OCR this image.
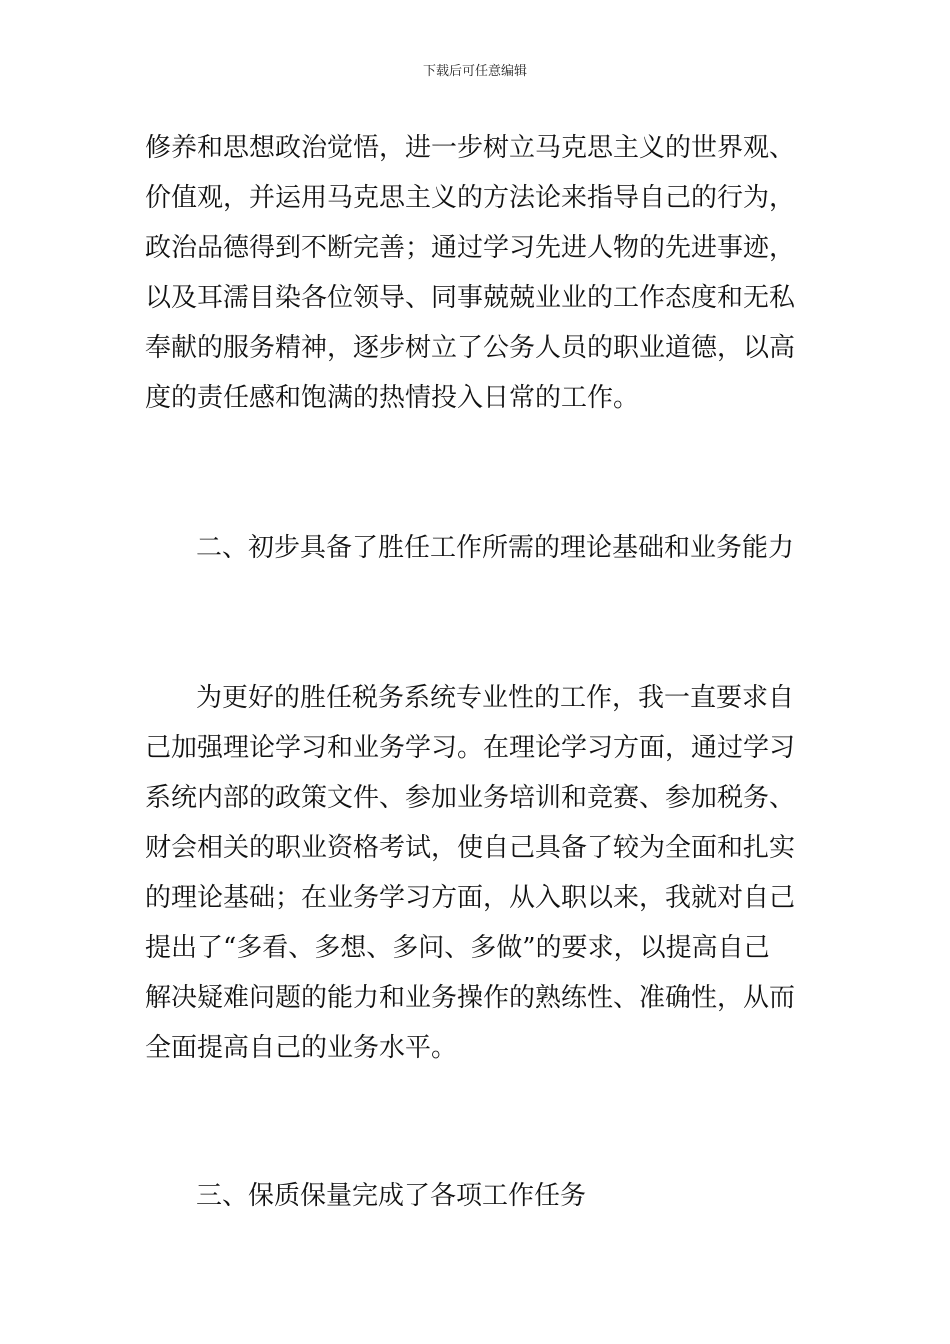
下载后可任意编辑
修养和思想政治觉悟，进一步树立马克思主义的世界观、
价值观，并运用马克思主义的方法论来指导自己的行为，
政治品德得到不断完善；通过学习先进人物的先进事迹，
以及耳濡目染各位领导、同事兢兢业业的工作态度和无私
奉献的服务精神，逐步树立了公务人员的职业道德，以高
度的责任感和饱满的热情投入日常的工作。
二、初步具备了胜任工作所需的理论基础和业务能力
为更好的胜任税务系统专业性的工作，我一直要求自
己加强理论学习和业务学习。在理论学习方面，通过学习
系统内部的政策文件、参加业务培训和竞赛、参加税务、
财会相关的职业资格考试，使自己具备了较为全面和扎实
的理论基础；在业务学习方面，从入职以来，我就对自己
提出了“多看、多想、多问、多做”的要求，以提高自己
解决疑难问题的能力和业务操作的熟练性、准确性，从而
全面提高自己的业务水平。
三、保质保量完成了各项工作任务
